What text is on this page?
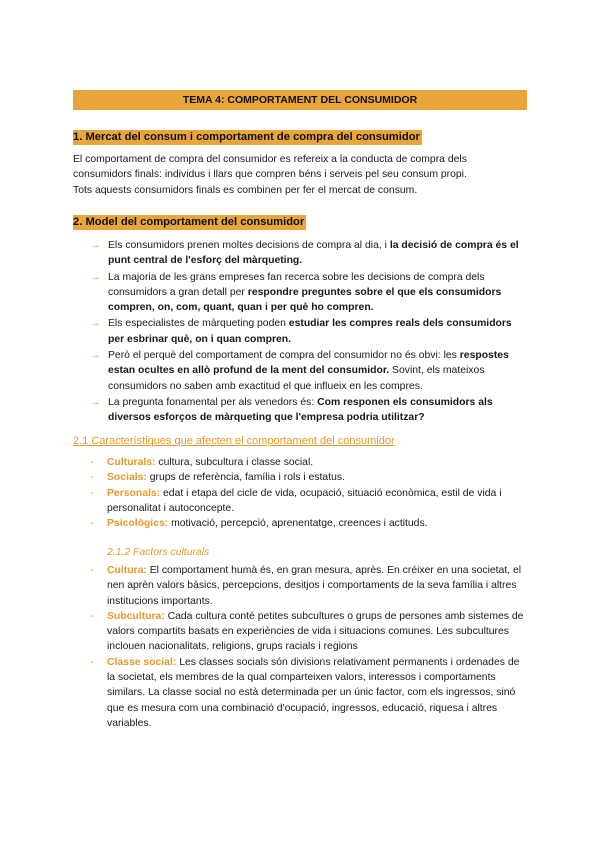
TEMA 4: COMPORTAMENT DEL CONSUMIDOR
1. Mercat del consum i comportament de compra del consumidor

El comportament de compra del consumidor es refereix a la conducta de compra dels

consumidors finals: individus i llars que compren béns i serveis pel seu consum propi.

Tots aquests consumidors finals es combinen per fer el mercat de consum.

2. Model del comportament del consumidor
→ Els consumidors prenen moltes decisions de compra al dia, i la decisió de compra és el punt central de l'esforç del màrqueting.
→ La majoria de les grans empreses fan recerca sobre les decisions de compra dels consumidors a gran detall per respondre preguntes sobre el que els consumidors compren, on, com, quant, quan i per què ho compren.
→ Els especialistes de màrqueting poden estudiar les compres reals dels consumidors per esbrinar què, on i quan compren.
→ Però el perquè del comportament de compra del consumidor no és obvi: les respostes estan ocultes en allò profund de la ment del consumidor. Sovint, els mateixos consumidors no saben amb exactitud el que influeix en les compres.
→ La pregunta fonamental per als venedors és: Com responen els consumidors als diversos esforços de màrqueting que l'empresa podria utilitzar?
2.1 Característiques que afecten el comportament del consumidor
- Culturals: cultura, subcultura i classe social.
- Socials: grups de referència, família i rols i estatus.
- Personals: edat i etapa del cicle de vida, ocupació, situació econòmica, estil de vida i personalitat i autoconcepte.
- Psicològics: motivació, percepció, aprenentatge, creences i actituds.
2.1.2 Factors culturals
- Cultura: El comportament humà és, en gran mesura, après. En créixer en una societat, el nen aprèn valors bàsics, percepcions, desitjos i comportaments de la seva família i altres institucions importants.
- Subcultura: Cada cultura conté petites subcultures o grups de persones amb sistemes de valors compartits basats en experiències de vida i situacions comunes. Les subcultures inclouen nacionalitats, religions, grups racials i regions
- Classe social: Les classes socials són divisions relativament permanents i ordenades de la societat, els membres de la qual comparteixen valors, interessos i comportaments similars. La classe social no està determinada per un únic factor, com els ingressos, sinó que es mesura com una combinació d'ocupació, ingressos, educació, riquesa i altres variables.
